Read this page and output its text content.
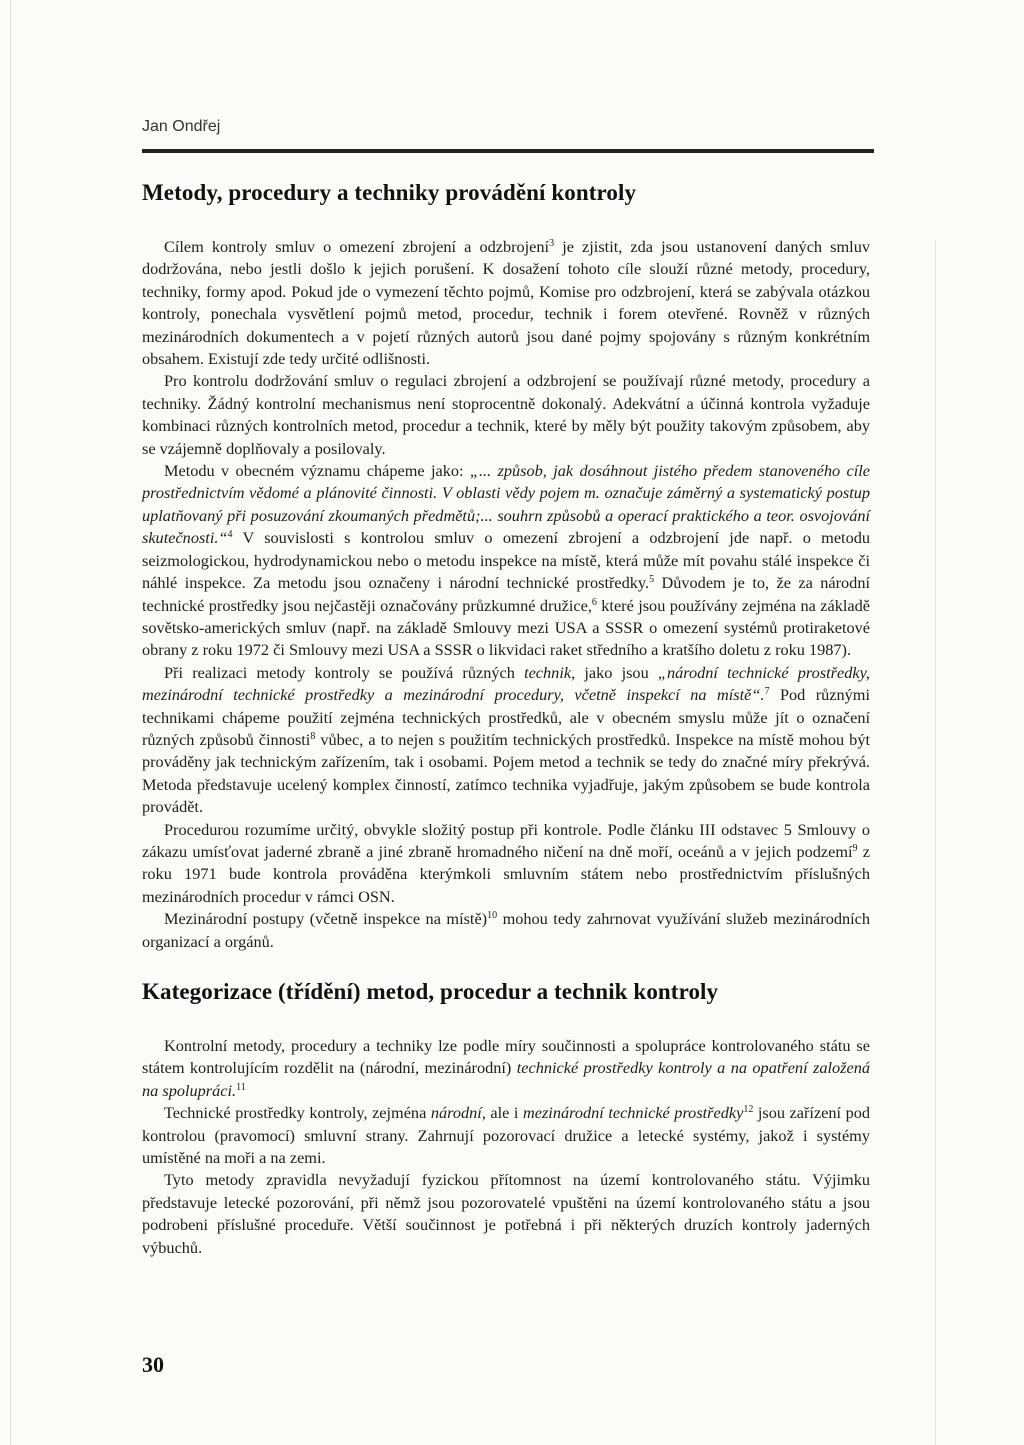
Jan Ondřej
Metody, procedury a techniky provádění kontroly

Cílem kontroly smluv o omezení zbrojení a odzbrojení$^3$ je zjistit, zda jsou ustanovení daných smluv dodržována, nebo jestli došlo k jejich porušení. K dosažení tohoto cíle slouží různé metody, procedury, techniky, formy apod. Pokud jde o vymezení těchto pojmů, Komise pro odzbrojení, která se zabývala otázkou kontroly, ponechala vysvětlení pojmů metod, procedur, technik i forem otevřené. Rovněž v různých mezinárodních dokumentech a v pojetí různých autorů jsou dané pojmy spojovány s různým konkrétním obsahem. Existují zde tedy určité odlišnosti.

Pro kontrolu dodržování smluv o regulaci zbrojení a odzbrojení se používají různé metody, procedury a techniky. Žádný kontrolní mechanismus není stoprocentně dokonalý. Adekvátní a účinná kontrola vyžaduje kombinaci různých kontrolních metod, procedur a technik, které by měly být použity takovým způsobem, aby se vzájemně doplňovaly a posilovaly.

Metodu v obecném významu chápeme jako: „... způsob, jak dosáhnout jistého předem stanoveného cíle prostřednictvím vědomé a plánovité činnosti. V oblasti vědy pojem m. označuje záměrný a systematický postup uplatňovaný při posuzování zkoumaných předmětů;... souhrn způsobů a operací praktického a teor. osvojování skutečnosti.“$^4$ V souvislosti s kontrolou smluv o omezení zbrojení a odzbrojení jde např. o metodu seizmologickou, hydrodynamickou nebo o metodu inspekce na místě, která může mít povahu stálé inspekce či náhlé inspekce. Za metodu jsou označeny i národní technické prostředky.$^5$ Důvodem je to, že za národní technické prostředky jsou nejčastěji označovány průzkumné družice,$^6$ které jsou používány zejména na základě sovětsko-amerických smluv (např. na základě Smlouvy mezi USA a SSSR o omezení systémů protiraketové obrany z roku 1972 či Smlouvy mezi USA a SSSR o likvidaci raket středního a kratšího doletu z roku 1987).

Při realizaci metody kontroly se používá různých technik, jako jsou „národní technické prostředky, mezinárodní technické prostředky a mezinárodní procedury, včetně inspekcí na místě“.$^7$ Pod různými technikami chápeme použití zejména technických prostředků, ale v obecném smyslu může jít o označení různých způsobů činnosti$^8$ vůbec, a to nejen s použitím technických prostředků. Inspekce na místě mohou být prováděny jak technickým zařízením, tak i osobami. Pojem metod a technik se tedy do značné míry překrývá. Metoda představuje ucelený komplex činností, zatímco technika vyjadřuje, jakým způsobem se bude kontrola provádět.

Procedurou rozumíme určitý, obvykle složitý postup při kontrole. Podle článku III odstavec 5 Smlouvy o zákazu umísťovat jaderné zbraně a jiné zbraně hromadného ničení na dně moří, oceánů a v jejich podzemí$^9$ z roku 1971 bude kontrola prováděna kterýmkoli smluvním státem nebo prostřednictvím příslušných mezinárodních procedur v rámci OSN.

Mezinárodní postupy (včetně inspekce na místě)$^{10}$ mohou tedy zahrnovat využívání služeb mezinárodních organizací a orgánů.

Kategorizace (třídění) metod, procedur a technik kontroly

Kontrolní metody, procedury a techniky lze podle míry součinnosti a spolupráce kontrolovaného státu se státem kontrolujícím rozdělit na (národní, mezinárodní) technické prostředky kontroly a na opatření založená na spolupráci.$^{11}$

Technické prostředky kontroly, zejména národní, ale i mezinárodní technické prostředky$^{12}$ jsou zařízení pod kontrolou (pravomocí) smluvní strany. Zahrnují pozorovací družice a letecké systémy, jakož i systémy umístěné na moři a na zemi.

Tyto metody zpravidla nevyžadují fyzickou přítomnost na území kontrolovaného státu. Výjimku představuje letecké pozorování, při němž jsou pozorovatelé vpuštěni na území kontrolovaného státu a jsou podrobeni příslušné proceduře. Větší součinnost je potřebná i při některých druzích kontroly jaderných výbuchů.

30
